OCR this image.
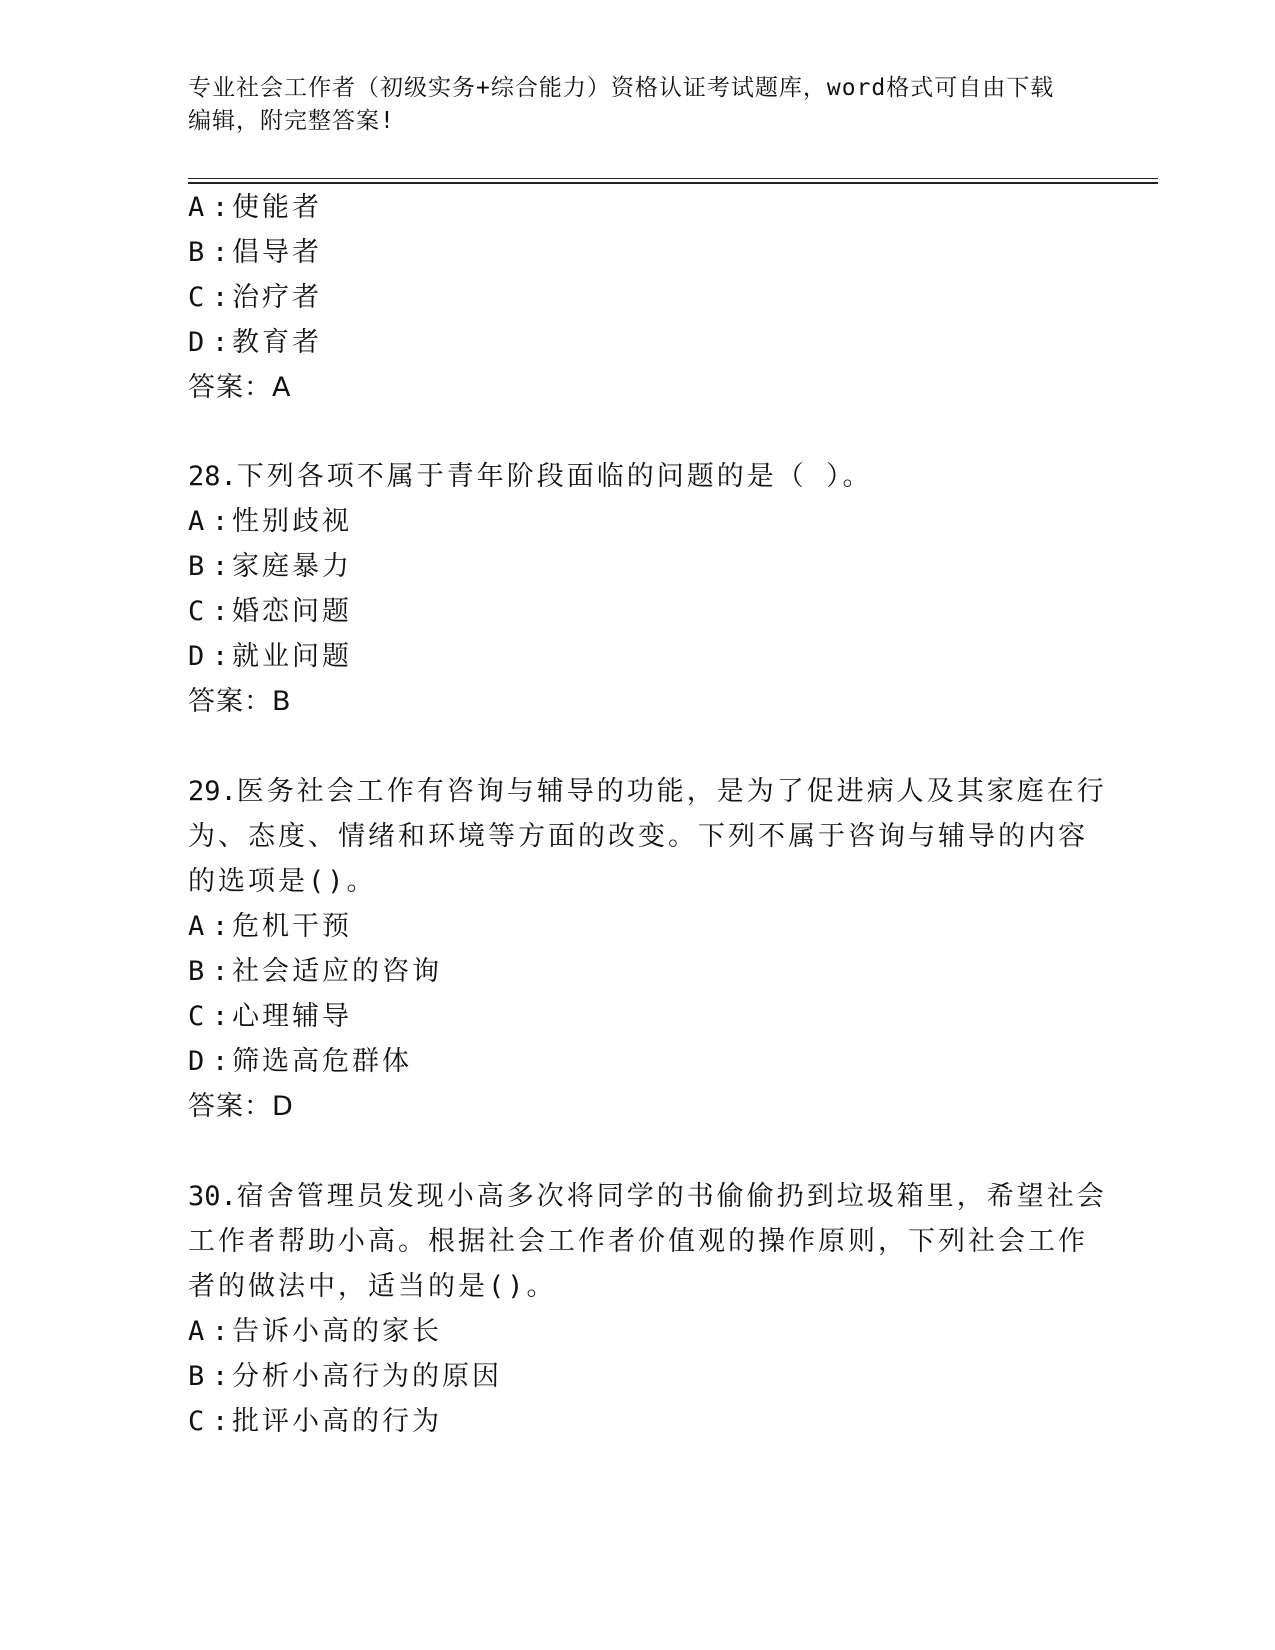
专业社会工作者（初级实务+综合能力）资格认证考试题库，word格式可自由下载
编辑，附完整答案!
A : 使能者
B : 倡导者
C : 治疗者
D : 教育者
答案：A
28.下列各项不属于青年阶段面临的问题的是（ ）。
A : 性别歧视
B : 家庭暴力
C : 婚恋问题
D : 就业问题
答案：B
29.医务社会工作有咨询与辅导的功能，是为了促进病人及其家庭在行
为、态度、情绪和环境等方面的改变。下列不属于咨询与辅导的内容
的选项是()。
A : 危机干预
B : 社会适应的咨询
C : 心理辅导
D : 筛选高危群体
答案：D
30.宿舍管理员发现小高多次将同学的书偷偷扔到垃圾箱里，希望社会
工作者帮助小高。根据社会工作者价值观的操作原则，下列社会工作
者的做法中，适当的是()。
A : 告诉小高的家长
B : 分析小高行为的原因
C : 批评小高的行为
